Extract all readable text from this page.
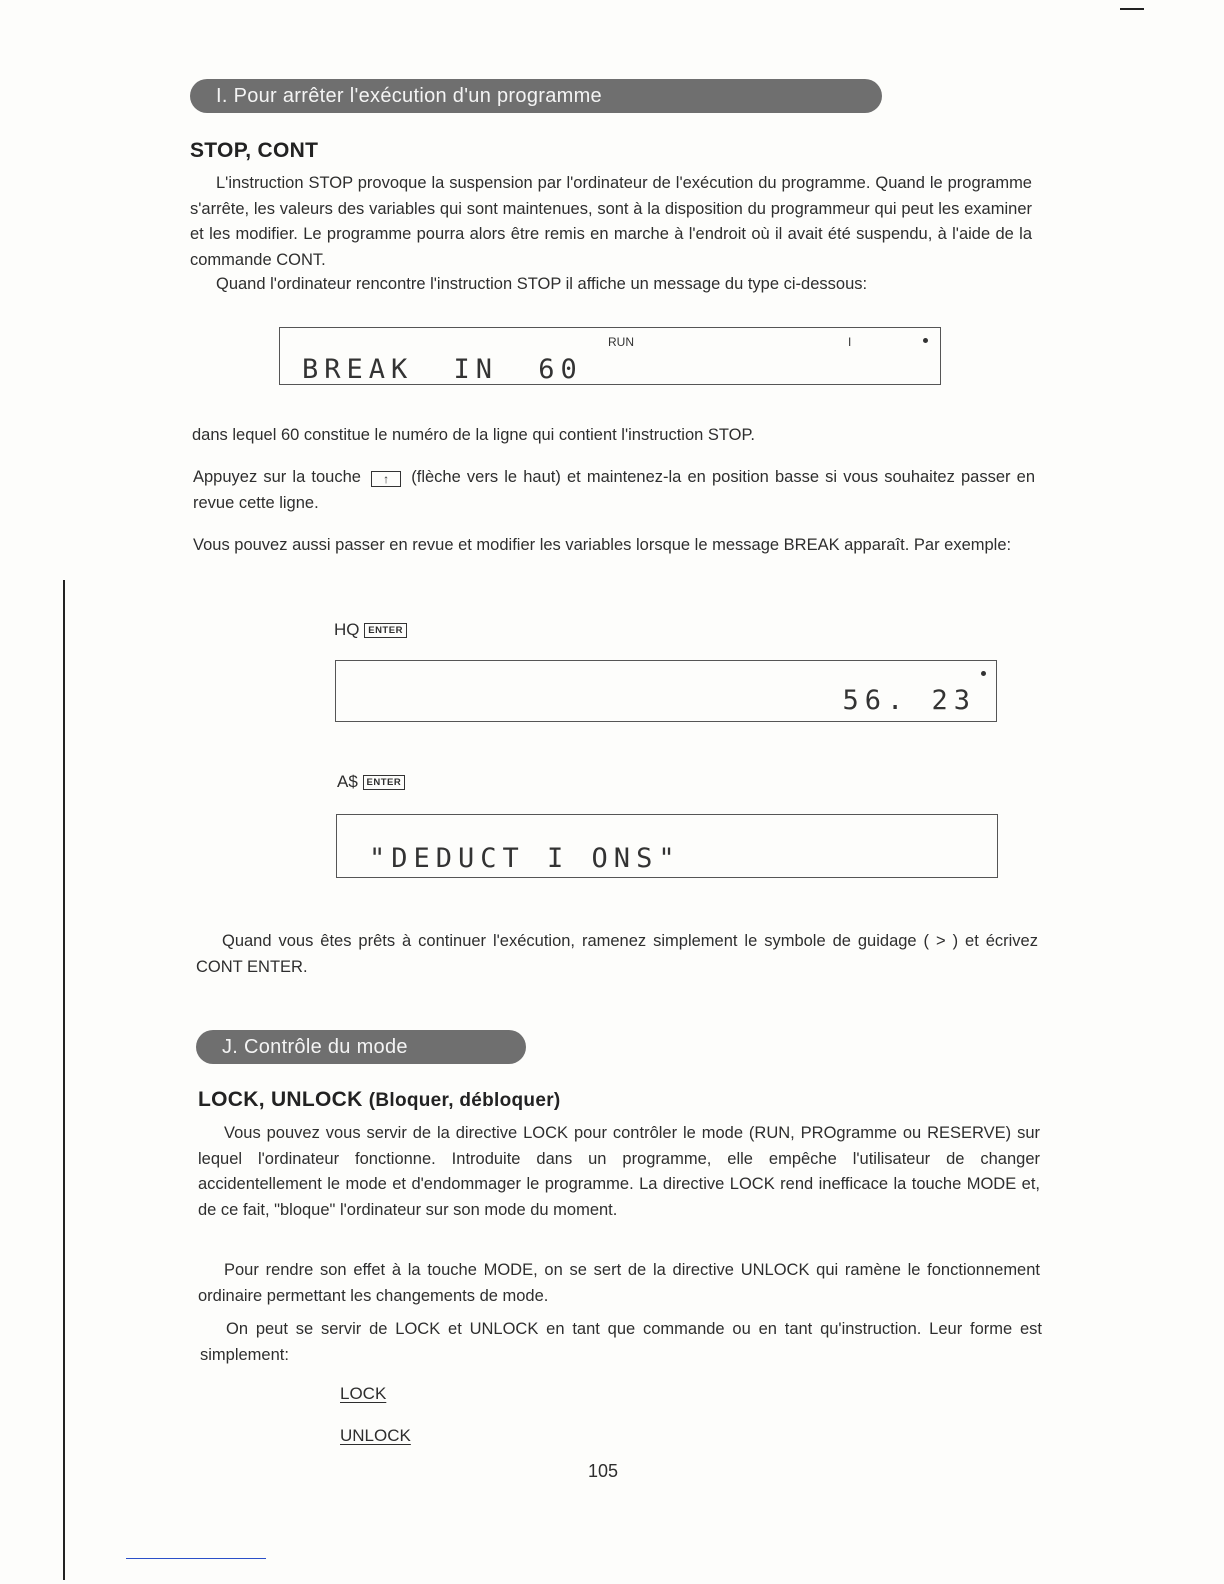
I. Pour arrêter l'exécution d'un programme
STOP, CONT
L'instruction STOP provoque la suspension par l'ordinateur de l'exécution du programme. Quand le programme s'arrête, les valeurs des variables qui sont maintenues, sont à la disposition du programmeur qui peut les examiner et les modifier. Le programme pourra alors être remis en marche à l'endroit où il avait été suspendu, à l'aide de la commande CONT.
Quand l'ordinateur rencontre l'instruction STOP il affiche un message du type ci-dessous:
RUN	I
BREAK IN 60
dans lequel 60 constitue le numéro de la ligne qui contient l'instruction STOP.
Appuyez sur la touche ↑ (flèche vers le haut) et maintenez-la en position basse si vous souhaitez passer en revue cette ligne.
Vous pouvez aussi passer en revue et modifier les variables lorsque le message BREAK apparaît. Par exemple:
HQ ENTER
56. 23
A$ ENTER
"DEDUCT I ONS"
Quand vous êtes prêts à continuer l'exécution, ramenez simplement le symbole de guidage ( > ) et écrivez CONT ENTER.
J. Contrôle du mode
LOCK, UNLOCK (Bloquer, débloquer)
Vous pouvez vous servir de la directive LOCK pour contrôler le mode (RUN, PROgramme ou RESERVE) sur lequel l'ordinateur fonctionne. Introduite dans un programme, elle empêche l'utilisateur de changer accidentellement le mode et d'endommager le programme. La directive LOCK rend inefficace la touche MODE et, de ce fait, "bloque" l'ordinateur sur son mode du moment.
Pour rendre son effet à la touche MODE, on se sert de la directive UNLOCK qui ramène le fonctionnement ordinaire permettant les changements de mode.
On peut se servir de LOCK et UNLOCK en tant que commande ou en tant qu'instruction. Leur forme est simplement:
LOCK
UNLOCK
105
